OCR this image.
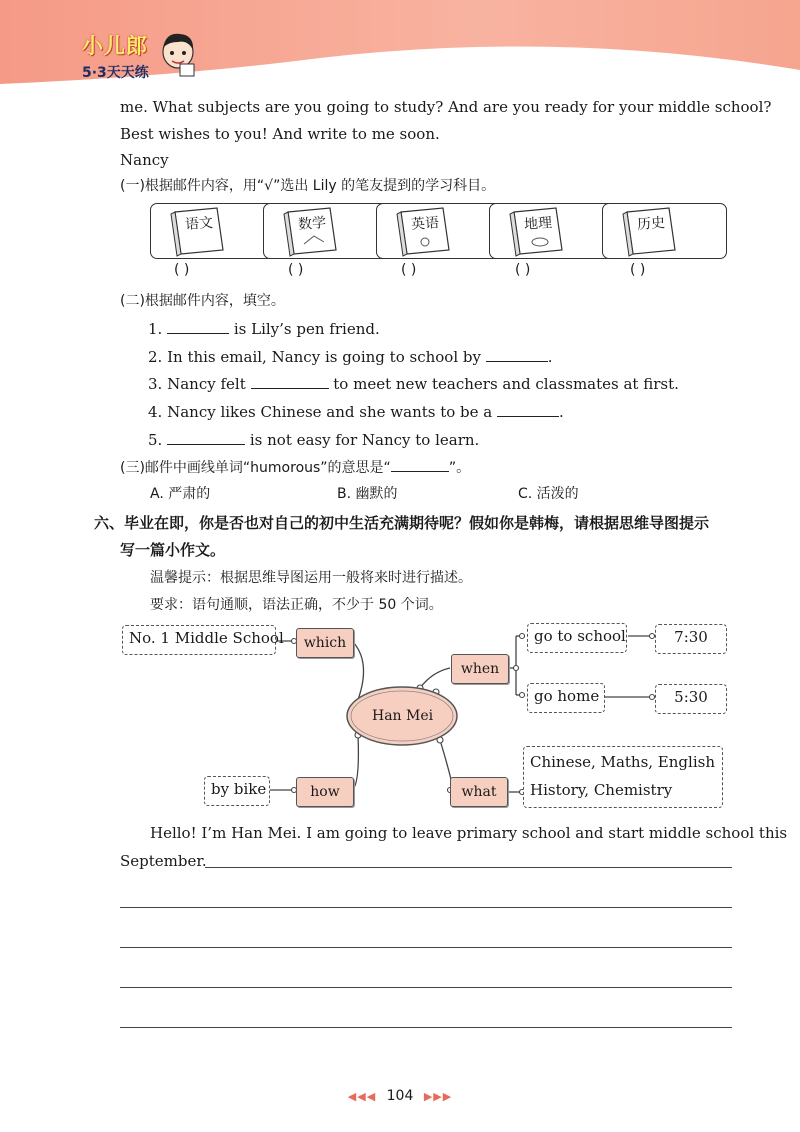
小儿郎
5·3天天练
me. What subjects are you going to study? And are you ready for your middle school?
Best wishes to you! And write to me soon.
Nancy
(一)根据邮件内容，用“√”选出 Lily 的笔友提到的学习科目。
语文	数学	英语	地理	历史
( )	( )	( )	( )	( )
(二)根据邮件内容，填空。
1.	is Lily’s pen friend.
2. In this email, Nancy is going to school by	.
3. Nancy felt	to meet new teachers and classmates at first.
4. Nancy likes Chinese and she wants to be a	.
5.	is not easy for Nancy to learn.
(三)邮件中画线单词“humorous”的意思是“	”。
A. 严肃的	B. 幽默的	C. 活泼的
六、毕业在即，你是否也对自己的初中生活充满期待呢？假如你是韩梅，请根据思维导图提示
写一篇小作文。
温馨提示：根据思维导图运用一般将来时进行描述。
要求：语句通顺，语法正确，不少于 50 个词。
Han Mei
No. 1 Middle School	which
when
go to school	7:30
go home	5:30
by bike	how	what
Chinese, Maths, English
History, Chemistry
Hello! I’m Han Mei. I am going to leave primary school and start middle school this
September.
◀◀◀ 104 ▶▶▶
